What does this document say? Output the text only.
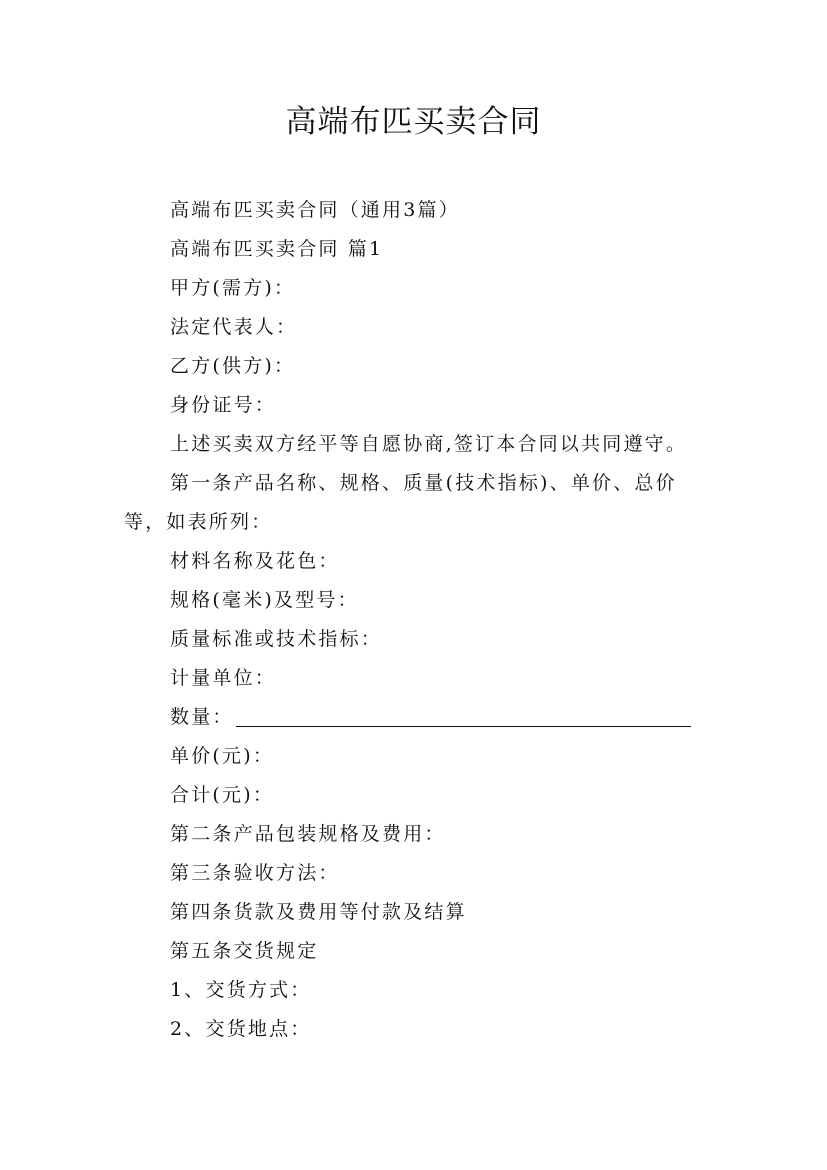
高端布匹买卖合同

高端布匹买卖合同（通用3篇）

高端布匹买卖合同 篇1

甲方(需方)：

法定代表人：

乙方(供方)：

身份证号：

上述买卖双方经平等自愿协商,签订本合同以共同遵守。

第一条产品名称、规格、质量(技术指标)、单价、总价等，如表所列：

材料名称及花色：

规格(毫米)及型号：

质量标准或技术指标：

计量单位：

数量：

单价(元)：

合计(元)：

第二条产品包装规格及费用：

第三条验收方法：

第四条货款及费用等付款及结算

第五条交货规定

1、交货方式：

2、交货地点：
